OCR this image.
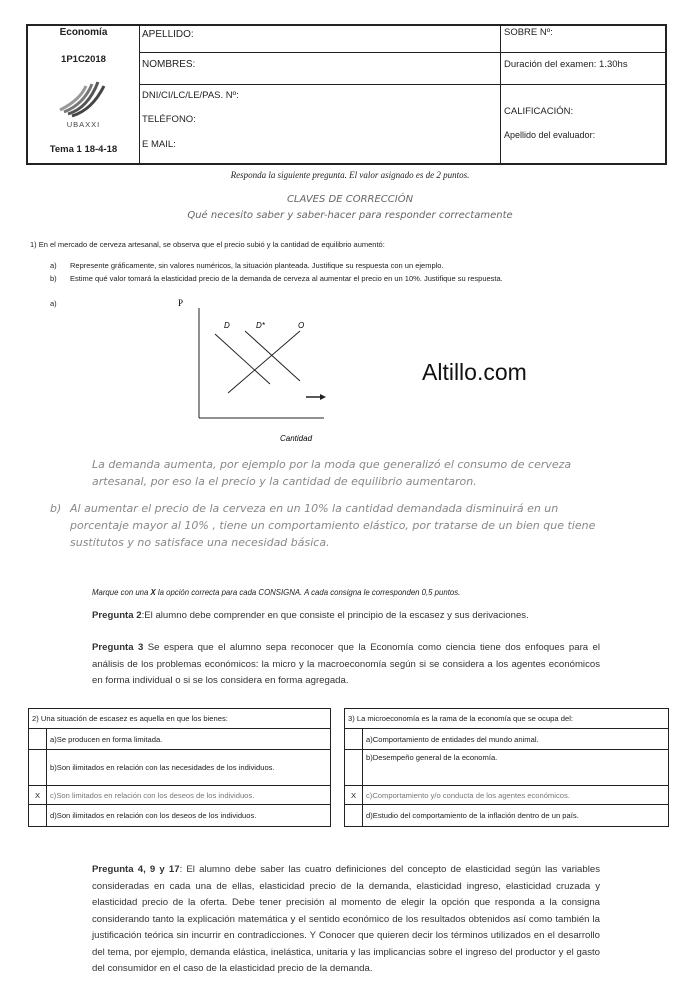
Economía
1P1C2018
UBAXXI
Tema 1 18-4-18
APELLIDO:
NOMBRES:
DNI/CI/LC/LE/PAS. Nº:
TELÉFONO:
E MAIL:
SOBRE Nº:
Duración del examen: 1.30hs
CALIFICACIÓN:
Apellido del evaluador:
Responda la siguiente pregunta. El valor asignado es de 2 puntos.
CLAVES DE CORRECCIÓN
Qué necesito saber y saber-hacer para responder correctamente
1) En el mercado de cerveza artesanal, se observa que el precio subió y la cantidad de equilibrio aumentó:
a) Represente gráficamente, sin valores numéricos, la situación planteada. Justifique su respuesta con un ejemplo.
b) Estime qué valor tomará la elasticidad precio de la demanda de cerveza al aumentar el precio en un 10%. Justifique su respuesta.
a)	P
D	D*	O
Cantidad
Altillo.com
La demanda aumenta, por ejemplo por la moda que generalizó el consumo de cerveza
artesanal, por eso la el precio y la cantidad de equilibrio aumentaron.
b) Al aumentar el precio de la cerveza en un 10% la cantidad demandada disminuirá en un
porcentaje mayor al 10% , tiene un comportamiento elástico, por tratarse de un bien que tiene
sustitutos y no satisface una necesidad básica.
Marque con una X la opción correcta para cada CONSIGNA. A cada consigna le corresponden 0,5 puntos.
Pregunta 2:El alumno debe comprender en que consiste el principio de la escasez y sus derivaciones.
Pregunta 3 Se espera que el alumno sepa reconocer que la Economía como ciencia tiene dos enfoques para el análisis de los problemas económicos: la micro y la macroeconomía según si se considera a los agentes económicos en forma individual o si se los considera en forma agregada.
2) Una situación de escasez es aquella en que los bienes:	
	a)Se producen en forma limitada.
	b)Son ilimitados en relación con las necesidades de los individuos.
X	c)Son limitados en relación con los deseos de los individuos.
	d)Son ilimitados en relación con los deseos de los individuos.
3) La microeconomía es la rama de la economía que se ocupa del:	
	a)Comportamiento de entidades del mundo animal.
	b)Desempeño general de la economía.
X	c)Comportamiento y/o conducta de los agentes económicos.
	d)Estudio del comportamiento de la inflación dentro de un país.
Pregunta 4, 9 y 17: El alumno debe saber las cuatro definiciones del concepto de elasticidad según las variables consideradas en cada una de ellas, elasticidad precio de la demanda, elasticidad ingreso, elasticidad cruzada y elasticidad precio de la oferta. Debe tener precisión al momento de elegir la opción que responda a la consigna considerando tanto la explicación matemática y el sentido económico de los resultados obtenidos así como también la justificación teórica sin incurrir en contradicciones. Y Conocer que quieren decir los términos utilizados en el desarrollo del tema, por ejemplo, demanda elástica, inelástica, unitaria y las implicancias sobre el ingreso del productor y el gasto del consumidor en el caso de la elasticidad precio de la demanda.
